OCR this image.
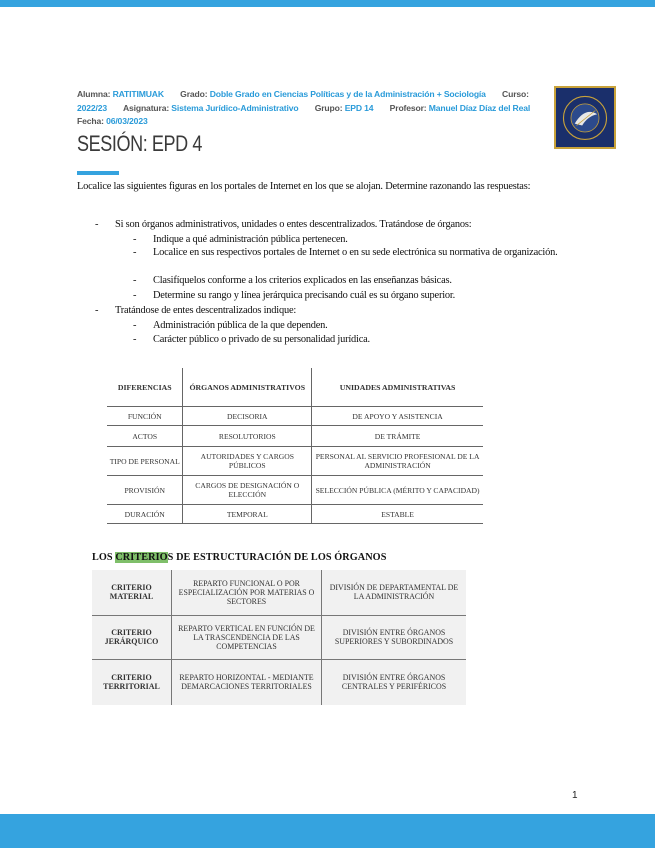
Alumna: RATITIMUAK Grado: Doble Grado en Ciencias Políticas y de la Administración + Sociología Curso: 2022/23 Asignatura: Sistema Jurídico-Administrativo Grupo: EPD 14 Profesor: Manuel Díaz Díaz del Real
Fecha: 06/03/2023
SESIÓN: EPD 4
Localice las siguientes figuras en los portales de Internet en los que se alojan. Determine razonando las respuestas:
- Si son órganos administrativos, unidades o entes descentralizados. Tratándose de órganos:
- Indique a qué administración pública pertenecen.
- Localice en sus respectivos portales de Internet o en su sede electrónica su normativa de organización.
- Clasifíquelos conforme a los criterios explicados en las enseñanzas básicas.
- Determine su rango y línea jerárquica precisando cuál es su órgano superior.
- Tratándose de entes descentralizados indique:
- Administración pública de la que dependen.
- Carácter público o privado de su personalidad jurídica.
DIFERENCIAS	ÓRGANOS ADMINISTRATIVOS	UNIDADES ADMINISTRATIVAS
FUNCIÓN	DECISORIA	DE APOYO Y ASISTENCIA
ACTOS	RESOLUTORIOS	DE TRÁMITE
TIPO DE PERSONAL	AUTORIDADES Y CARGOS PÚBLICOS	PERSONAL AL SERVICIO PROFESIONAL DE LA ADMINISTRACIÓN
PROVISIÓN	CARGOS DE DESIGNACIÓN O ELECCIÓN	SELECCIÓN PÚBLICA (MÉRITO Y CAPACIDAD)
DURACIÓN	TEMPORAL	ESTABLE
LOS CRITERIOS DE ESTRUCTURACIÓN DE LOS ÓRGANOS
CRITERIO MATERIAL	REPARTO FUNCIONAL O POR ESPECIALIZACIÓN POR MATERIAS O SECTORES	DIVISIÓN DE DEPARTAMENTAL DE LA ADMINISTRACIÓN
CRITERIO JERÁRQUICO	REPARTO VERTICAL EN FUNCIÓN DE LA TRASCENDENCIA DE LAS COMPETENCIAS	DIVISIÓN ENTRE ÓRGANOS SUPERIORES Y SUBORDINADOS
CRITERIO TERRITORIAL	REPARTO HORIZONTAL - MEDIANTE DEMARCACIONES TERRITORIALES	DIVISIÓN ENTRE ÓRGANOS CENTRALES Y PERIFÉRICOS
1
